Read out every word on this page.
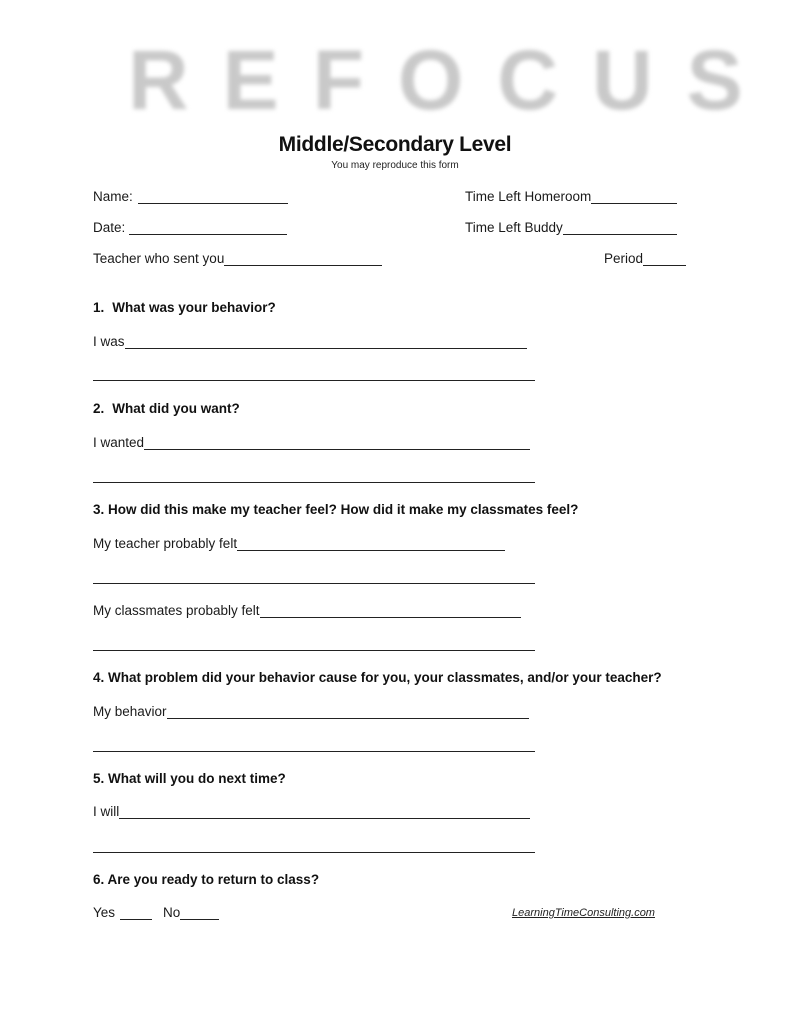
REFOCUS
Middle/Secondary Level
You may reproduce this form
Name:
Date:
Teacher who sent you
Time Left Homeroom
Time Left Buddy
Period
1. What was your behavior?
I was
2. What did you want?
I wanted
3. How did this make my teacher feel? How did it make my classmates feel?
My teacher probably felt
My classmates probably felt
4. What problem did your behavior cause for you, your classmates, and/or your teacher?
My behavior
5. What will you do next time?
I will
6. Are you ready to return to class?
Yes	No	LearningTimeConsulting.com
